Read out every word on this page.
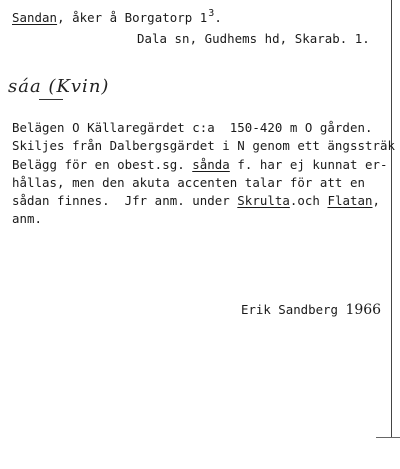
Sandan, åker å Borgatorp $1^3$.
Dala sn, Gudhems hd, Skarab. 1.
sáa (Kvin)
Belägen O Källaregärdet c:a  150-420 m O gården.
Skiljes från Dalbergsgärdet i N genom ett ängssträk
Belägg för en obest.sg. sånda f. har ej kunnat er-
hållas, men den akuta accenten talar för att en
sådan finnes.  Jfr anm. under Skrulta.och Flatan,
anm.
Erik Sandberg 1966
